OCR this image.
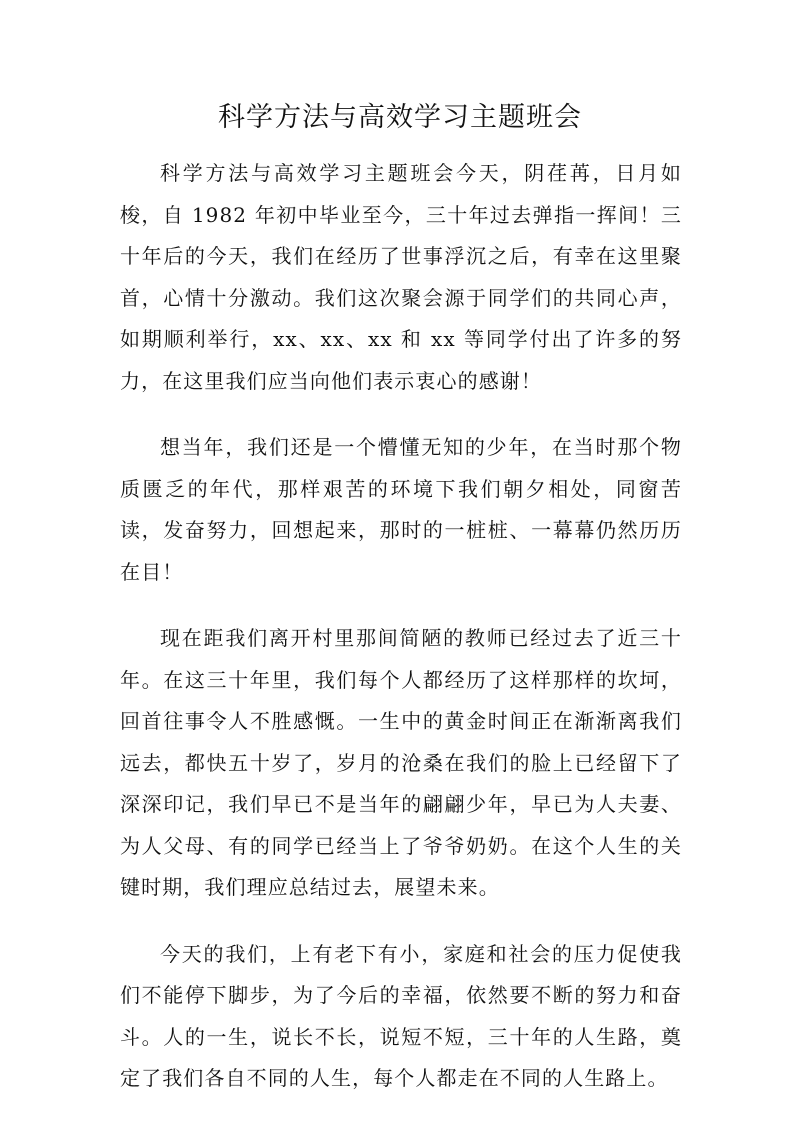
科学方法与高效学习主题班会

科学方法与高效学习主题班会今天，阴荏苒，日月如梭，自 1982 年初中毕业至今，三十年过去弹指一挥间！三十年后的今天，我们在经历了世事浮沉之后，有幸在这里聚首，心情十分激动。我们这次聚会源于同学们的共同心声，如期顺利举行，xx、xx、xx 和 xx 等同学付出了许多的努力，在这里我们应当向他们表示衷心的感谢！

想当年，我们还是一个懵懂无知的少年，在当时那个物质匮乏的年代，那样艰苦的环境下我们朝夕相处，同窗苦读，发奋努力，回想起来，那时的一桩桩、一幕幕仍然历历在目！

现在距我们离开村里那间简陋的教师已经过去了近三十年。在这三十年里，我们每个人都经历了这样那样的坎坷，回首往事令人不胜感慨。一生中的黄金时间正在渐渐离我们远去，都快五十岁了，岁月的沧桑在我们的脸上已经留下了深深印记，我们早已不是当年的翩翩少年，早已为人夫妻、为人父母、有的同学已经当上了爷爷奶奶。在这个人生的关键时期，我们理应总结过去，展望未来。

今天的我们，上有老下有小，家庭和社会的压力促使我们不能停下脚步，为了今后的幸福，依然要不断的努力和奋斗。人的一生，说长不长，说短不短，三十年的人生路，奠定了我们各自不同的人生，每个人都走在不同的人生路上。
